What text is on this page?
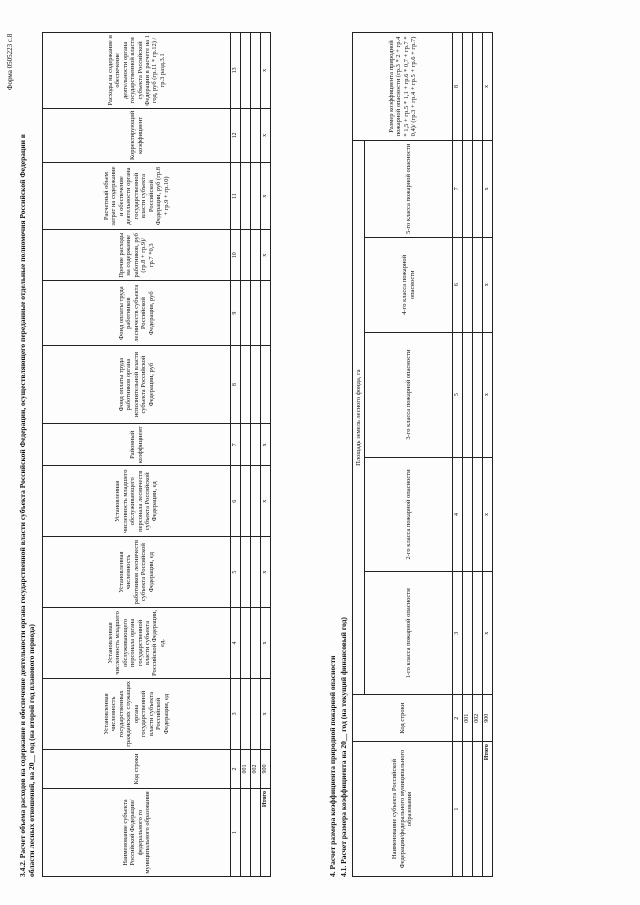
Форма 0505223 с.8
3.4.2. Расчет объема расходов на содержание и обеспечение деятельности органа государственной власти субъекта Российской Федерации, осуществляющего переданные отдельные полномочия Российской Федерации в области лесных отношений, на 20__ год (на второй год планового периода)	Наименование субъекта Российской Федерации/ федерального го муниципального образования	Код строки	Установленная численность государственных гражданских служащих органа государственной власти субъекта Российской Федерации, ед	Установленная численность младшего обслуживающего персонала органа государственной власти субъекта Российской Федерации, ед.	Установленная численность работников лесничеств субъекта Российской Федерации, ед	Установленная численность младшего обслуживающего персонала лесничеств субъекта Российской Федерации, ед	Районный коэффициент	Фонд оплаты труда работников органа исполнительной власти субъекта Российской Федерации, руб	Фонд оплаты труда работников лесничеств субъекта Российской Федерации, руб	Прочие расходы на содержание работников, руб (гр.8 + гр.9)/ гр.7 *0,3	Расчетный объем затрат на содержание и обеспечение деятельности органа государственной власти субъекта Российской Федерации, руб (гр.8 + гр.9 + гр.10)	Корректирующий коэффициент	Расходы на содержание и обеспечение деятельности органа государственной власти субъекта Российской Федерации в расчете на 1 год, руб (гр.11 * гр.12) / гр.3 разд.3.1
1	2	3	4	5	6	7	8	9	10	11	12	13
	001											
	002											
Итого	900	x	x	x	x	x			x	x	x	x
4. Расчет размера коэффициента природной пожарной опасности 4.1. Расчет размера коэффициента на 20__ год (на текущий финансовый год)	Наименование субъекта Российской Федерации/федерального муниципального образования	Код строки	Площадь земель лесного фонда, га					Размер коэффициента природной пожарной опасности (гр.3 * 2 + гр.4 * 1,5 + гр.5 * 1,1 + гр.6 * 0,7 + гр.7 * 0,4)/ (гр.3 + гр.4 + гр.5 + гр.6 + гр.7)
		1-го класса пожарной опасности	2-го класса пожарной опасности	3-го класса пожарной опасности	4-го класса пожарной опасности	5-го класса пожарной опасности	
1	2	3	4	5	6	7	8
	001						
	002						
Итого	900	x	x	x	x	x	x
